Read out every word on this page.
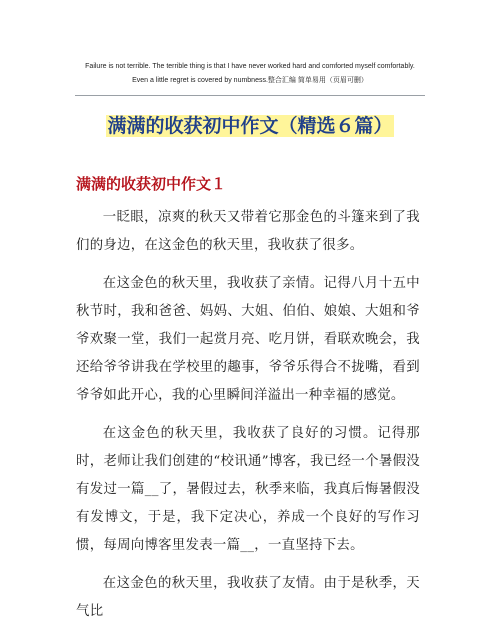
Failure is not terrible. The terrible thing is that I have never worked hard and comforted myself comfortably.
Even a little regret is covered by numbness.整合汇编 简单易用（页眉可删）
满满的收获初中作文（精选６篇）
满满的收获初中作文１

一眨眼，凉爽的秋天又带着它那金色的斗篷来到了我们的身边，在这金色的秋天里，我收获了很多。

在这金色的秋天里，我收获了亲情。记得八月十五中秋节时，我和爸爸、妈妈、大姐、伯伯、娘娘、大姐和爷爷欢聚一堂，我们一起赏月亮、吃月饼，看联欢晚会，我还给爷爷讲我在学校里的趣事，爷爷乐得合不拢嘴，看到爷爷如此开心，我的心里瞬间洋溢出一种幸福的感觉。

在这金色的秋天里，我收获了良好的习惯。记得那时，老师让我们创建的“校讯通”博客，我已经一个暑假没有发过一篇__了，暑假过去，秋季来临，我真后悔暑假没有发博文，于是，我下定决心，养成一个良好的写作习惯，每周向博客里发表一篇__，一直坚持下去。

在这金色的秋天里，我收获了友情。由于是秋季，天气比
